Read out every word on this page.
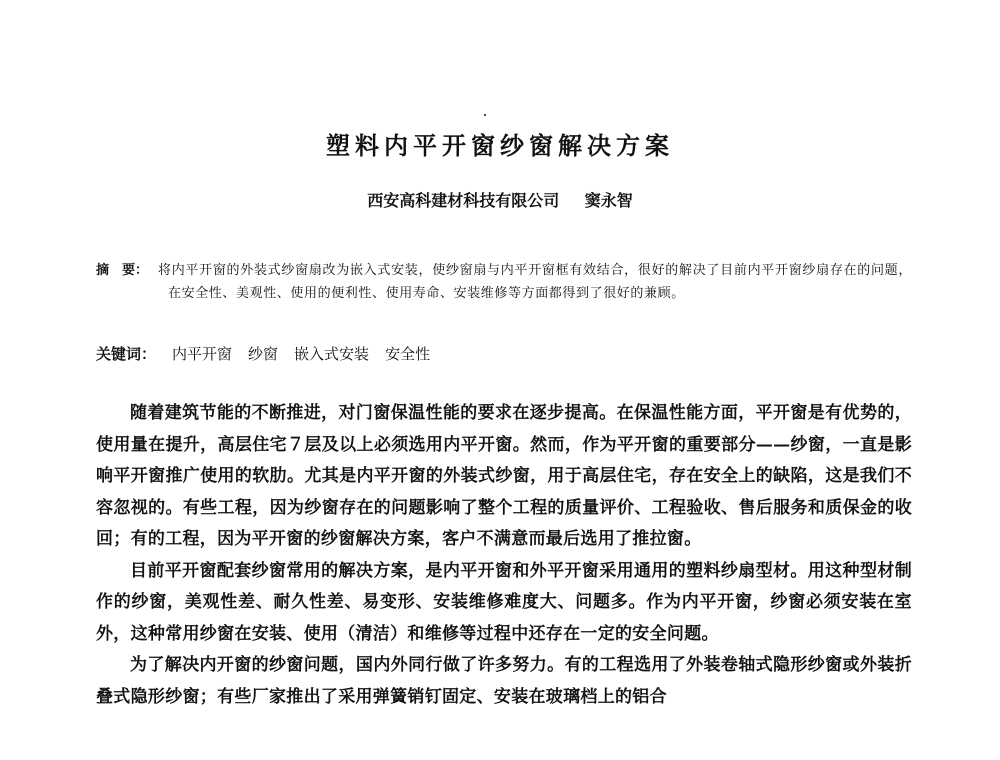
塑料内平开窗纱窗解决方案
西安高科建材科技有限公司 窦永智
摘　要： 将内平开窗的外装式纱窗扇改为嵌入式安装，使纱窗扇与内平开窗框有效结合，很好的解决了目前内平开窗纱扇存在的问题，在安全性、美观性、使用的便利性、使用寿命、安装维修等方面都得到了很好的兼顾。
关键词： 内平开窗 纱窗 嵌入式安装 安全性

随着建筑节能的不断推进，对门窗保温性能的要求在逐步提高。在保温性能方面，平开窗是有优势的，使用量在提升，高层住宅７层及以上必须选用内平开窗。然而，作为平开窗的重要部分——纱窗，一直是影响平开窗推广使用的软肋。尤其是内平开窗的外装式纱窗，用于高层住宅，存在安全上的缺陷，这是我们不容忽视的。有些工程，因为纱窗存在的问题影响了整个工程的质量评价、工程验收、售后服务和质保金的收回；有的工程，因为平开窗的纱窗解决方案，客户不满意而最后选用了推拉窗。

目前平开窗配套纱窗常用的解决方案，是内平开窗和外平开窗采用通用的塑料纱扇型材。用这种型材制作的纱窗，美观性差、耐久性差、易变形、安装维修难度大、问题多。作为内平开窗，纱窗必须安装在室外，这种常用纱窗在安装、使用（清洁）和维修等过程中还存在一定的安全问题。

为了解决内开窗的纱窗问题，国内外同行做了许多努力。有的工程选用了外装卷轴式隐形纱窗或外装折叠式隐形纱窗；有些厂家推出了采用弹簧销钉固定、安装在玻璃档上的铝合
